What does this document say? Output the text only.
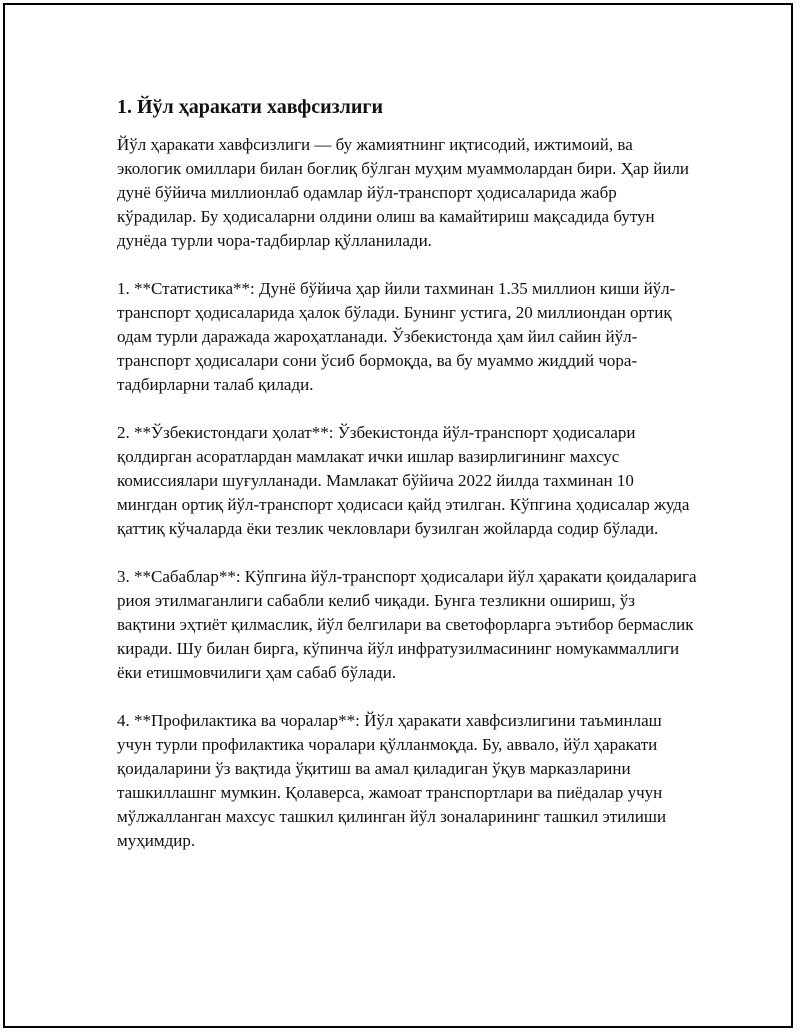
1. Йўл ҳаракати хавфсизлиги

Йўл ҳаракати хавфсизлиги — бу жамиятнинг иқтисодий, ижтимоий, ва экологик омиллари билан боғлиқ бўлган муҳим муаммолардан бири. Ҳар йили дунё бўйича миллионлаб одамлар йўл-транспорт ҳодисаларида жабр кўрадилар. Бу ҳодисаларни олдини олиш ва камайтириш мақсадида бутун дунёда турли чора-тадбирлар қўлланилади.

1. **Статистика**: Дунё бўйича ҳар йили тахминан 1.35 миллион киши йўл-транспорт ҳодисаларида ҳалок бўлади. Бунинг устига, 20 миллиондан ортиқ одам турли даражада жароҳатланади. Ўзбекистонда ҳам йил сайин йўл-транспорт ҳодисалари сони ўсиб бормоқда, ва бу муаммо жиддий чора-тадбирларни талаб қилади.

2. **Ўзбекистондаги ҳолат**: Ўзбекистонда йўл-транспорт ҳодисалари қолдирган асоратлардан мамлакат ички ишлар вазирлигининг махсус комиссиялари шуғулланади. Мамлакат бўйича 2022 йилда тахминан 10 мингдан ортиқ йўл-транспорт ҳодисаси қайд этилган. Кўпгина ҳодисалар жуда қаттиқ кўчаларда ёки тезлик чекловлари бузилган жойларда содир бўлади.

3. **Сабаблар**: Кўпгина йўл-транспорт ҳодисалари йўл ҳаракати қоидаларига риоя этилмаганлиги сабабли келиб чиқади. Бунга тезликни ошириш, ўз вақтини эҳтиёт қилмаслик, йўл белгилари ва светофорларга эътибор бермаслик киради. Шу билан бирга, кўпинча йўл инфратузилмасининг номукаммаллиги ёки етишмовчилиги ҳам сабаб бўлади.

4. **Профилактика ва чоралар**: Йўл ҳаракати хавфсизлигини таъминлаш учун турли профилактика чоралари қўлланмоқда. Бу, аввало, йўл ҳаракати қоидаларини ўз вақтида ўқитиш ва амал қиладиган ўқув марказларини ташкиллашнг мумкин. Қолаверса, жамоат транспортлари ва пиёдалар учун мўлжалланган махсус ташкил қилинган йўл зоналарининг ташкил этилиши муҳимдир.
